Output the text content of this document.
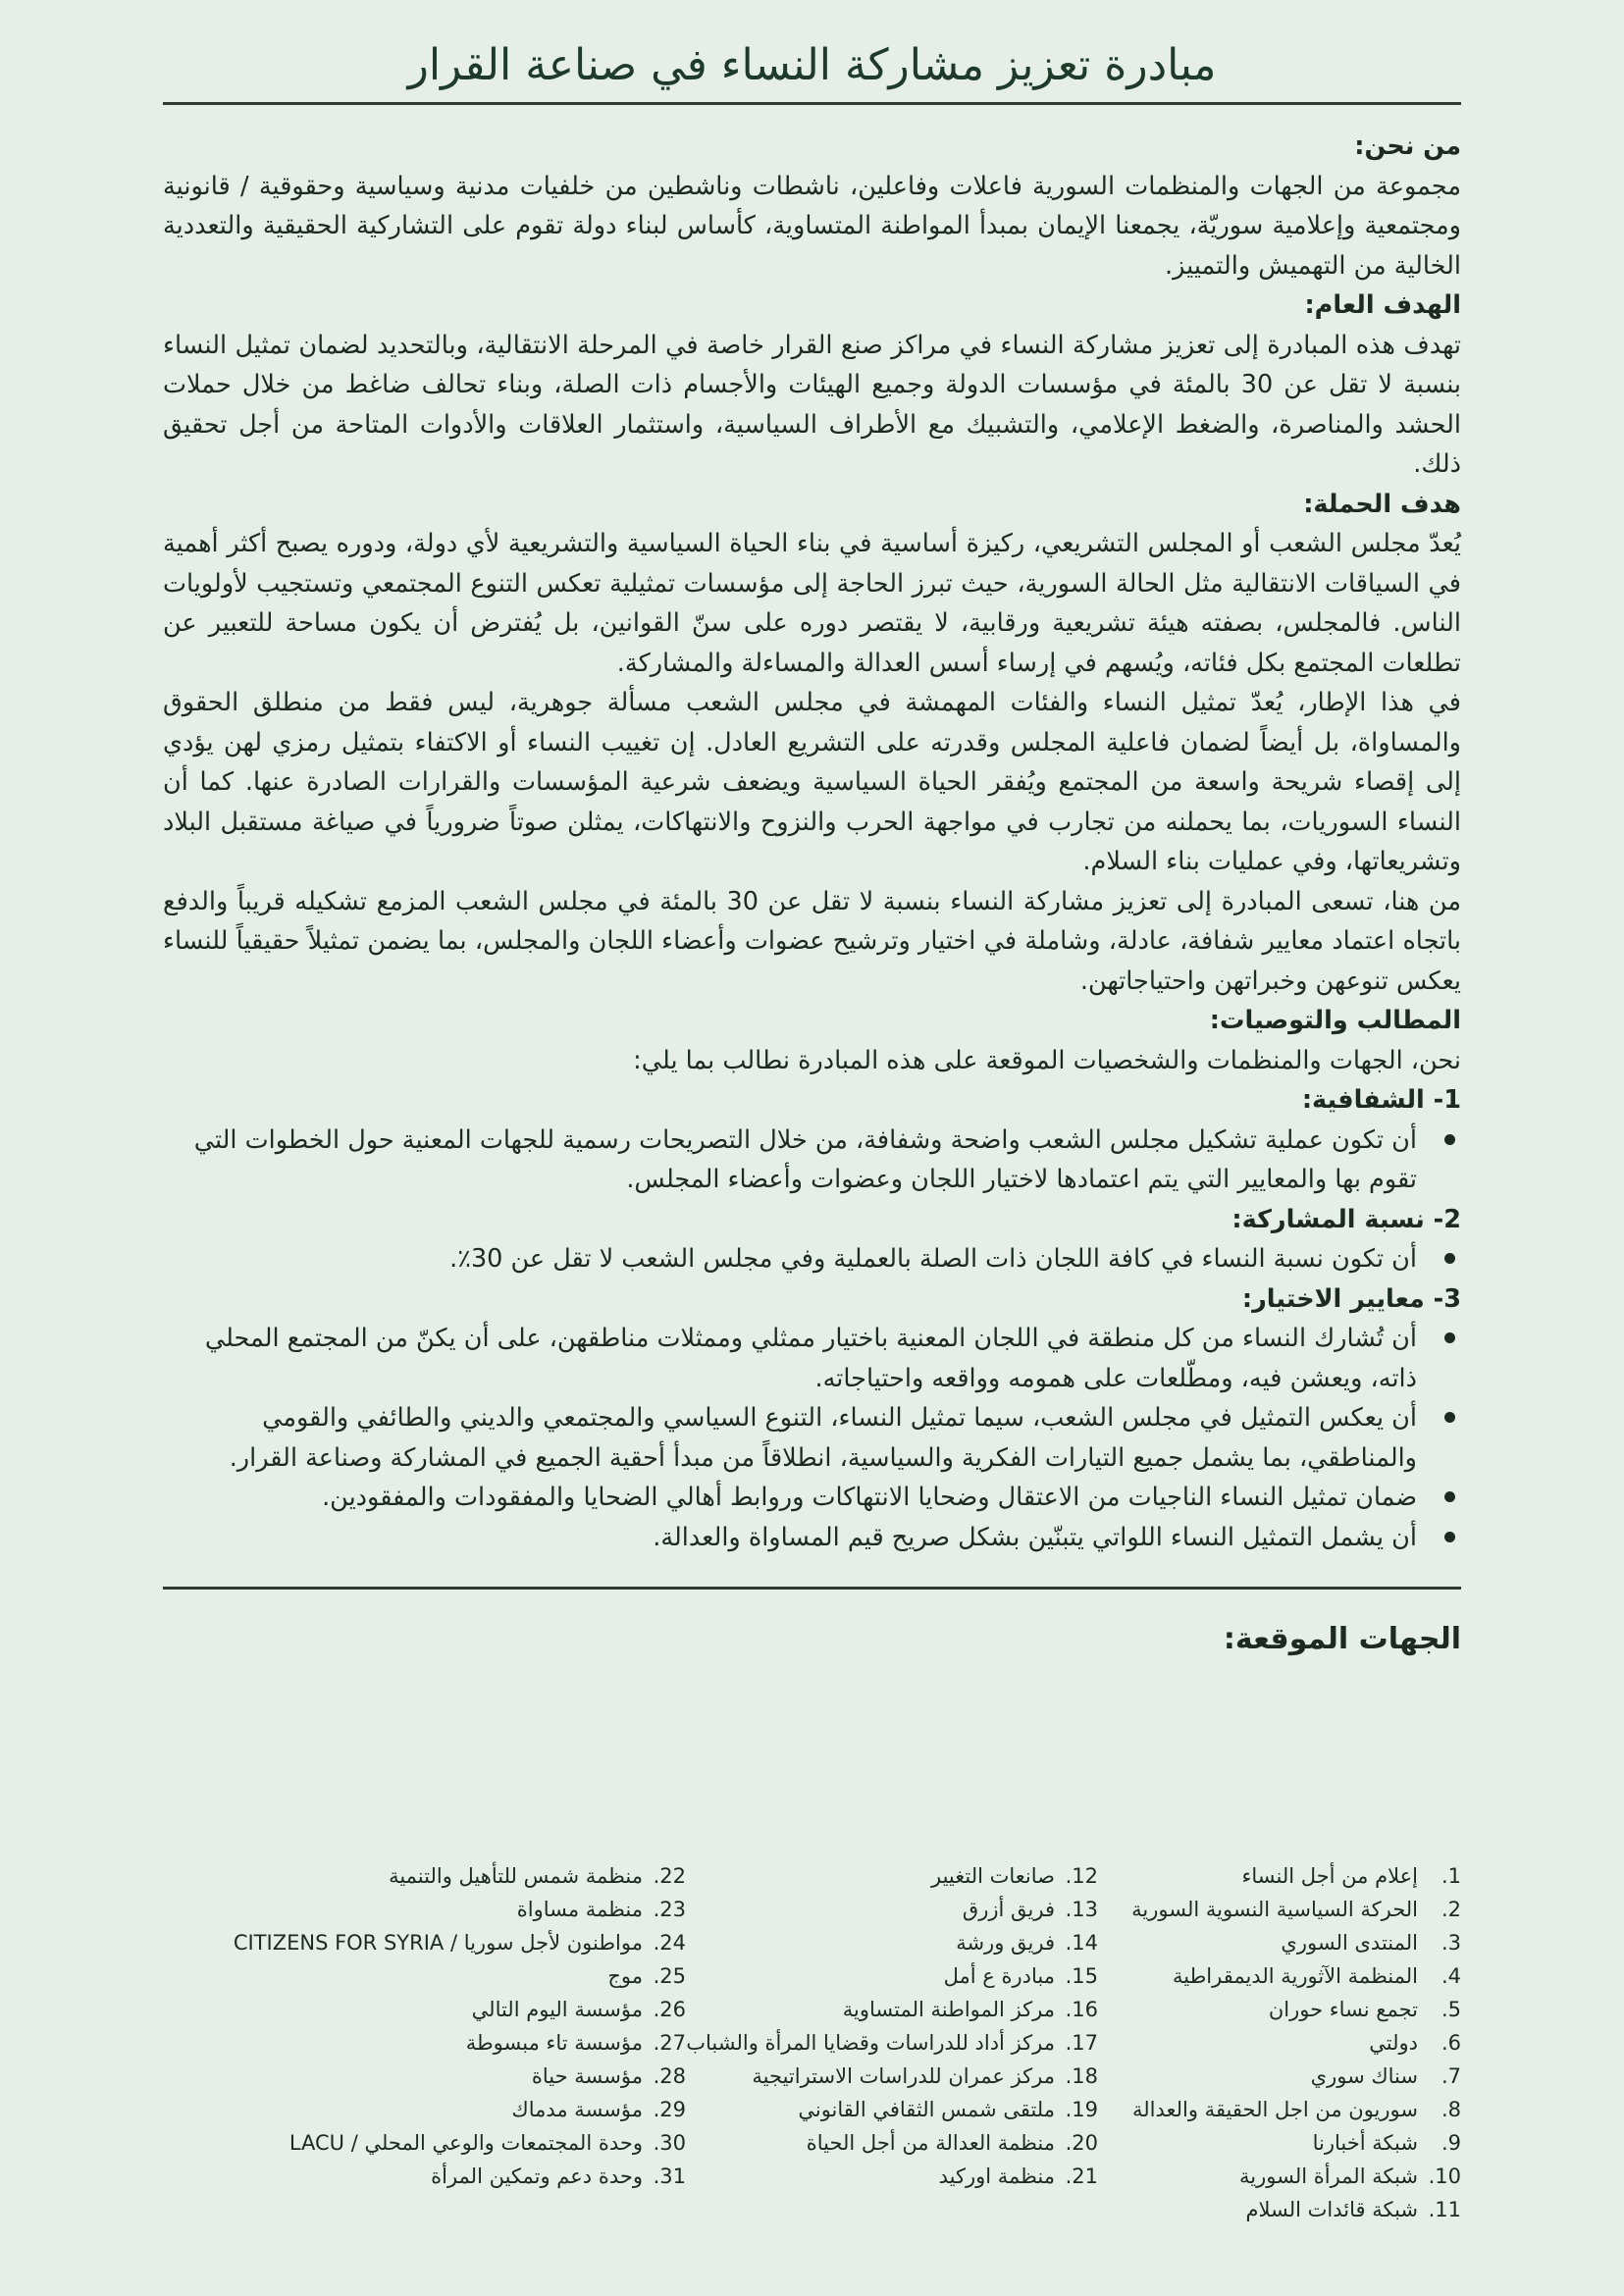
مبادرة تعزيز مشاركة النساء في صناعة القرار

من نحن:

مجموعة من الجهات والمنظمات السورية فاعلات وفاعلين، ناشطات وناشطين من خلفيات مدنية وسياسية وحقوقية / قانونية ومجتمعية وإعلامية سوريّة، يجمعنا الإيمان بمبدأ المواطنة المتساوية، كأساس لبناء دولة تقوم على التشاركية الحقيقية والتعددية الخالية من التهميش والتمييز.

الهدف العام:

تهدف هذه المبادرة إلى تعزيز مشاركة النساء في مراكز صنع القرار خاصة في المرحلة الانتقالية، وبالتحديد لضمان تمثيل النساء بنسبة لا تقل عن 30 بالمئة في مؤسسات الدولة وجميع الهيئات والأجسام ذات الصلة، وبناء تحالف ضاغط من خلال حملات الحشد والمناصرة، والضغط الإعلامي، والتشبيك مع الأطراف السياسية، واستثمار العلاقات والأدوات المتاحة من أجل تحقيق ذلك.

هدف الحملة:

يُعدّ مجلس الشعب أو المجلس التشريعي، ركيزة أساسية في بناء الحياة السياسية والتشريعية لأي دولة، ودوره يصبح أكثر أهمية في السياقات الانتقالية مثل الحالة السورية، حيث تبرز الحاجة إلى مؤسسات تمثيلية تعكس التنوع المجتمعي وتستجيب لأولويات الناس. فالمجلس، بصفته هيئة تشريعية ورقابية، لا يقتصر دوره على سنّ القوانين، بل يُفترض أن يكون مساحة للتعبير عن تطلعات المجتمع بكل فئاته، ويُسهم في إرساء أسس العدالة والمساءلة والمشاركة.

في هذا الإطار، يُعدّ تمثيل النساء والفئات المهمشة في مجلس الشعب مسألة جوهرية، ليس فقط من منطلق الحقوق والمساواة، بل أيضاً لضمان فاعلية المجلس وقدرته على التشريع العادل. إن تغييب النساء أو الاكتفاء بتمثيل رمزي لهن يؤدي إلى إقصاء شريحة واسعة من المجتمع ويُفقر الحياة السياسية ويضعف شرعية المؤسسات والقرارات الصادرة عنها. كما أن النساء السوريات، بما يحملنه من تجارب في مواجهة الحرب والنزوح والانتهاكات، يمثلن صوتاً ضرورياً في صياغة مستقبل البلاد وتشريعاتها، وفي عمليات بناء السلام.

من هنا، تسعى المبادرة إلى تعزيز مشاركة النساء بنسبة لا تقل عن 30 بالمئة في مجلس الشعب المزمع تشكيله قريباً والدفع باتجاه اعتماد معايير شفافة، عادلة، وشاملة في اختيار وترشيح عضوات وأعضاء اللجان والمجلس، بما يضمن تمثيلاً حقيقياً للنساء يعكس تنوعهن وخبراتهن واحتياجاتهن.

المطالب والتوصيات:

نحن، الجهات والمنظمات والشخصيات الموقعة على هذه المبادرة نطالب بما يلي:

1- الشفافية:

أن تكون عملية تشكيل مجلس الشعب واضحة وشفافة، من خلال التصريحات رسمية للجهات المعنية حول الخطوات التي تقوم بها والمعايير التي يتم اعتمادها لاختيار اللجان وعضوات وأعضاء المجلس.

2- نسبة المشاركة:

أن تكون نسبة النساء في كافة اللجان ذات الصلة بالعملية وفي مجلس الشعب لا تقل عن 30٪.

3- معايير الاختيار:

أن تُشارك النساء من كل منطقة في اللجان المعنية باختيار ممثلي وممثلات مناطقهن، على أن يكنّ من المجتمع المحلي ذاته، ويعشن فيه، ومطّلعات على همومه وواقعه واحتياجاته.
أن يعكس التمثيل في مجلس الشعب، سيما تمثيل النساء، التنوع السياسي والمجتمعي والديني والطائفي والقومي والمناطقي، بما يشمل جميع التيارات الفكرية والسياسية، انطلاقاً من مبدأ أحقية الجميع في المشاركة وصناعة القرار.
ضمان تمثيل النساء الناجيات من الاعتقال وضحايا الانتهاكات وروابط أهالي الضحايا والمفقودات والمفقودين.
أن يشمل التمثيل النساء اللواتي يتبنّين بشكل صريح قيم المساواة والعدالة.

الجهات الموقعة:

1.
إعلام من أجل النساء
2.
الحركة السياسية النسوية السورية
3.
المنتدى السوري
4.
المنظمة الآثورية الديمقراطية
5.
تجمع نساء حوران
6.
دولتي
7.
سناك سوري
8.
سوريون من اجل الحقيقة والعدالة
9.
شبكة أخبارنا
10.
شبكة المرأة السورية
11.
شبكة قائدات السلام
12.
صانعات التغيير
13.
فريق أزرق
14.
فريق ورشة
15.
مبادرة ع أمل
16.
مركز المواطنة المتساوية
17.
مركز أداد للدراسات وقضايا المرأة والشباب
18.
مركز عمران للدراسات الاستراتيجية
19.
ملتقى شمس الثقافي القانوني
20.
منظمة العدالة من أجل الحياة
21.
منظمة اوركيد
22.
منظمة شمس للتأهيل والتنمية
23.
منظمة مساواة
24.
مواطنون لأجل سوريا / CITIZENS FOR SYRIA
25.
موج
26.
مؤسسة اليوم التالي
27.
مؤسسة تاء مبسوطة
28.
مؤسسة حياة
29.
مؤسسة مدماك
30.
وحدة المجتمعات والوعي المحلي / LACU
31.
وحدة دعم وتمكين المرأة
